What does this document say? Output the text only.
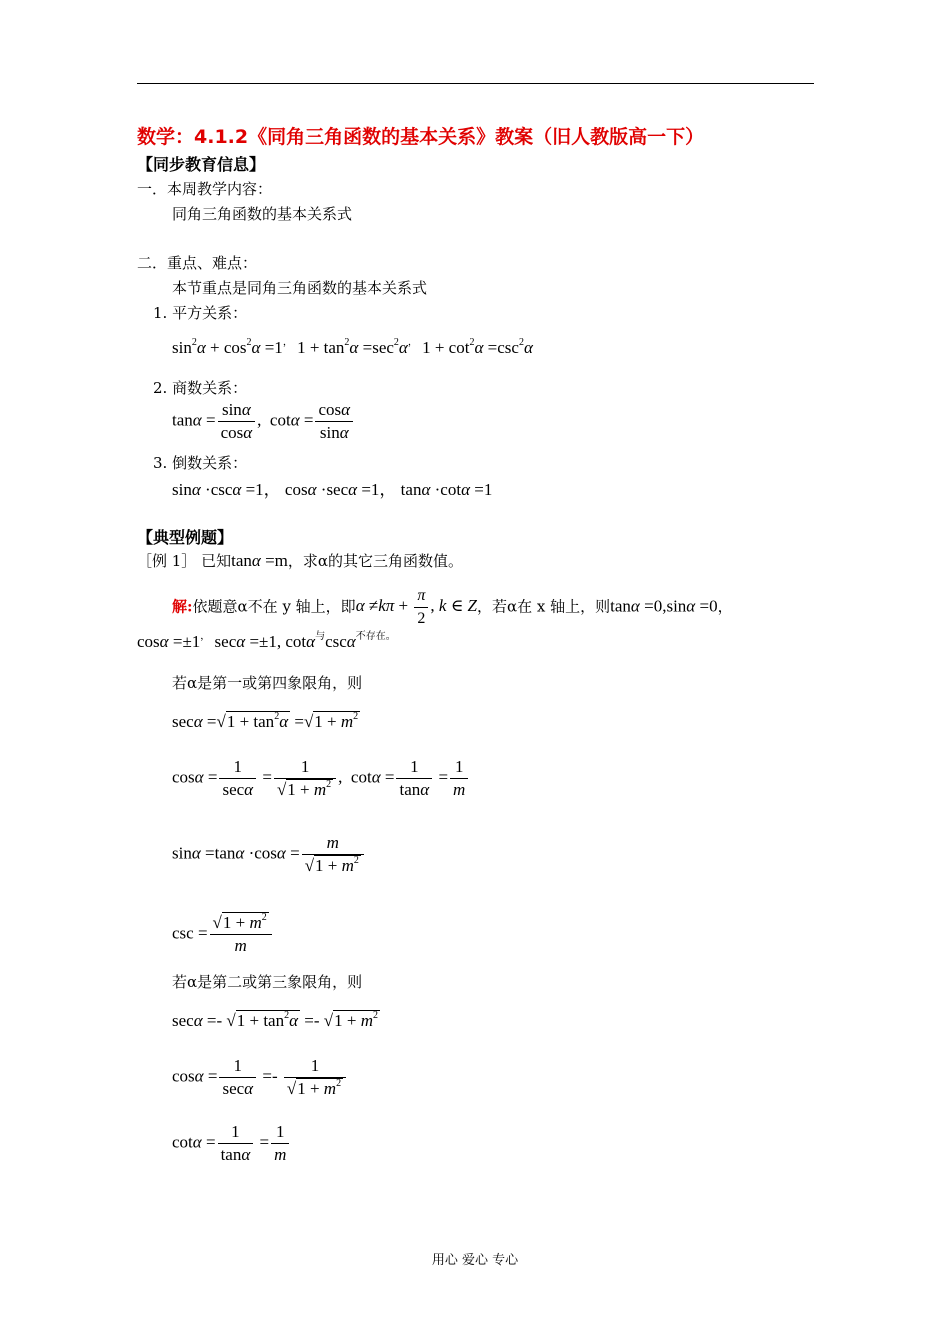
数学：4.1.2《同角三角函数的基本关系》教案（旧人教版高一下）
【同步教育信息】
一．本周教学内容：
同角三角函数的基本关系式
二．重点、难点：
本节重点是同角三角函数的基本关系式
1. 平方关系：
$\sin^2\alpha + \cos^2\alpha =1^,$ $1 + \tan^2\alpha =\sec^2\alpha^,$ $1 + \cot^2\alpha =\csc^2\alpha$
2. 商数关系：
$\tan\alpha = \frac{\sin\alpha}{\cos\alpha}$ ,  $\cot\alpha = \frac{\cos\alpha}{\sin\alpha}$
3. 倒数关系：
sinα ·cscα =1， cosα ·secα =1， tanα ·cotα =1
【典型例题】
［例 1］ 已知tanα =m，求α的其它三角函数值。
解:依题意α不在 y 轴上，即$\alpha \ne k\pi + \frac{\pi}{2}$ , k ∈ Z，若α在 x 轴上，则tanα =0,sinα =0，
cosα =±1， secα =±1, cotα$^与$cscα$^{不存在。}$
若α是第一或第四象限角，则
$\sec\alpha =√1 + \tan^2\alpha =√1 + m^2$
$\cos\alpha = \frac{1}{\sec\alpha} = \frac{1}{√1 + m^2}$ ,  $\cot\alpha = \frac{1}{\tan\alpha} = \frac{1}{m}$
$\sin\alpha =\tan\alpha \cdot\cos\alpha = \frac{m}{√1 + m^2}$
$\csc = \frac{√1 + m^2}{m}$
若α是第二或第三象限角，则
$\sec\alpha =- √1 + \tan^2\alpha =- √1 + m^2$
$\cos\alpha = \frac{1}{\sec\alpha} =- \frac{1}{√1 + m^2}$
$\cot\alpha = \frac{1}{\tan\alpha} = \frac{1}{m}$
用心 爱心 专心
